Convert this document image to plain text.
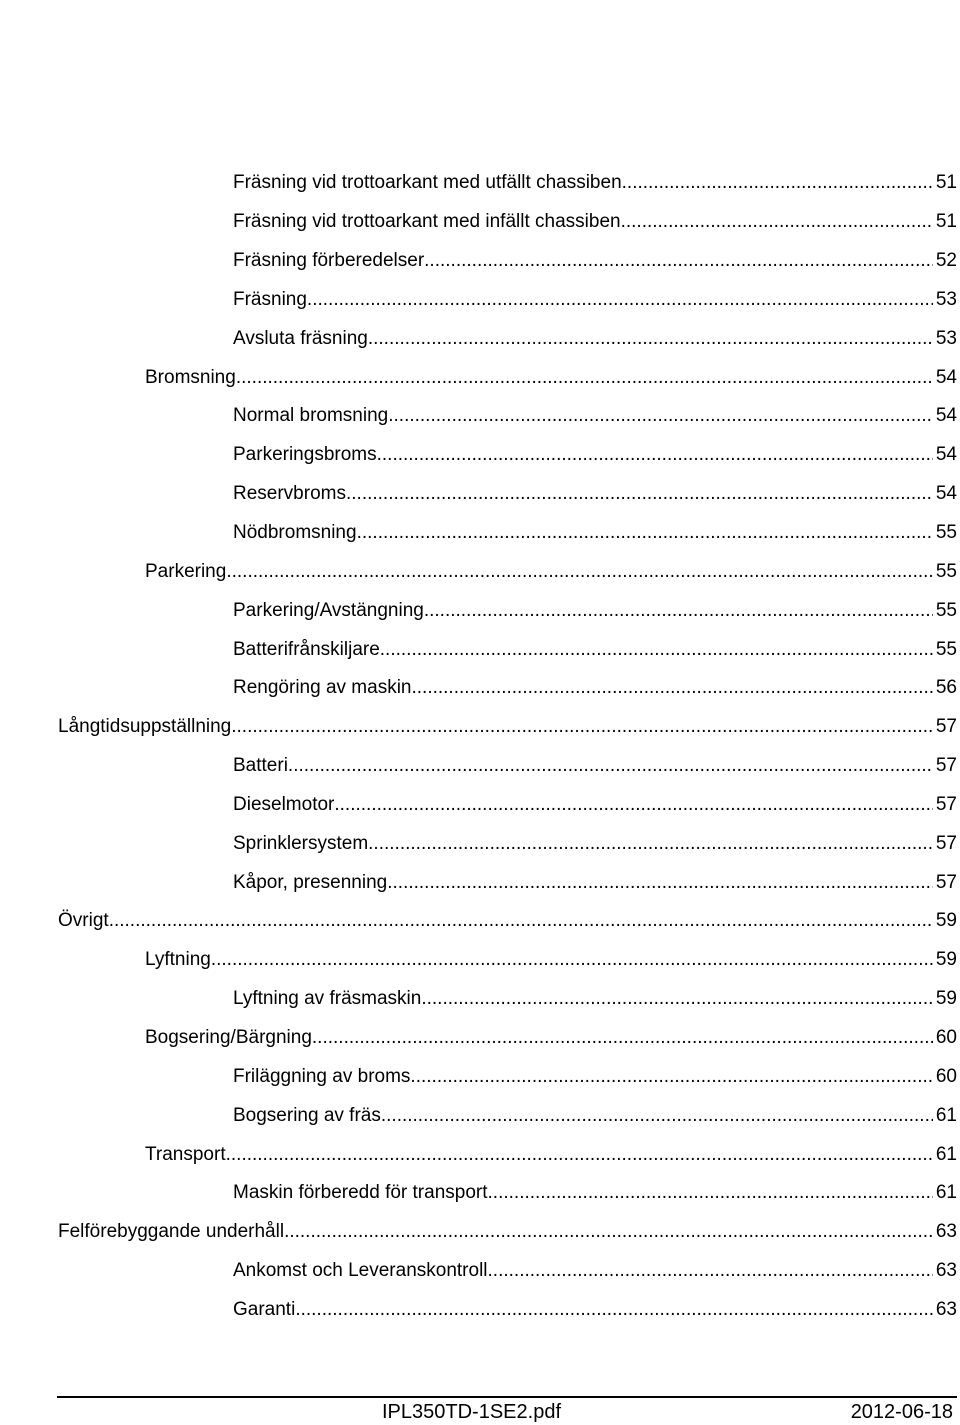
Fräsning vid trottoarkant med utfällt chassiben .....	51
Fräsning vid trottoarkant med infällt chassiben. .....	51
Fräsning förberedelser .....	52
Fräsning .....	53
Avsluta fräsning .....	53
Bromsning .....	54
Normal bromsning .....	54
Parkeringsbroms .....	54
Reservbroms .....	54
Nödbromsning .....	55
Parkering .....	55
Parkering/Avstängning .....	55
Batterifrånskiljare .....	55
Rengöring av maskin .....	56
Långtidsuppställning .....	57
Batteri .....	57
Dieselmotor .....	57
Sprinklersystem .....	57
Kåpor, presenning .....	57
Övrigt .....	59
Lyftning .....	59
Lyftning av fräsmaskin .....	59
Bogsering/Bärgning .....	60
Friläggning av broms .....	60
Bogsering av fräs .....	61
Transport .....	61
Maskin förberedd för transport .....	61
Felförebyggande underhåll .....	63
Ankomst och Leveranskontroll .....	63
Garanti .....	63
IPL350TD-1SE2.pdf	2012-06-18
